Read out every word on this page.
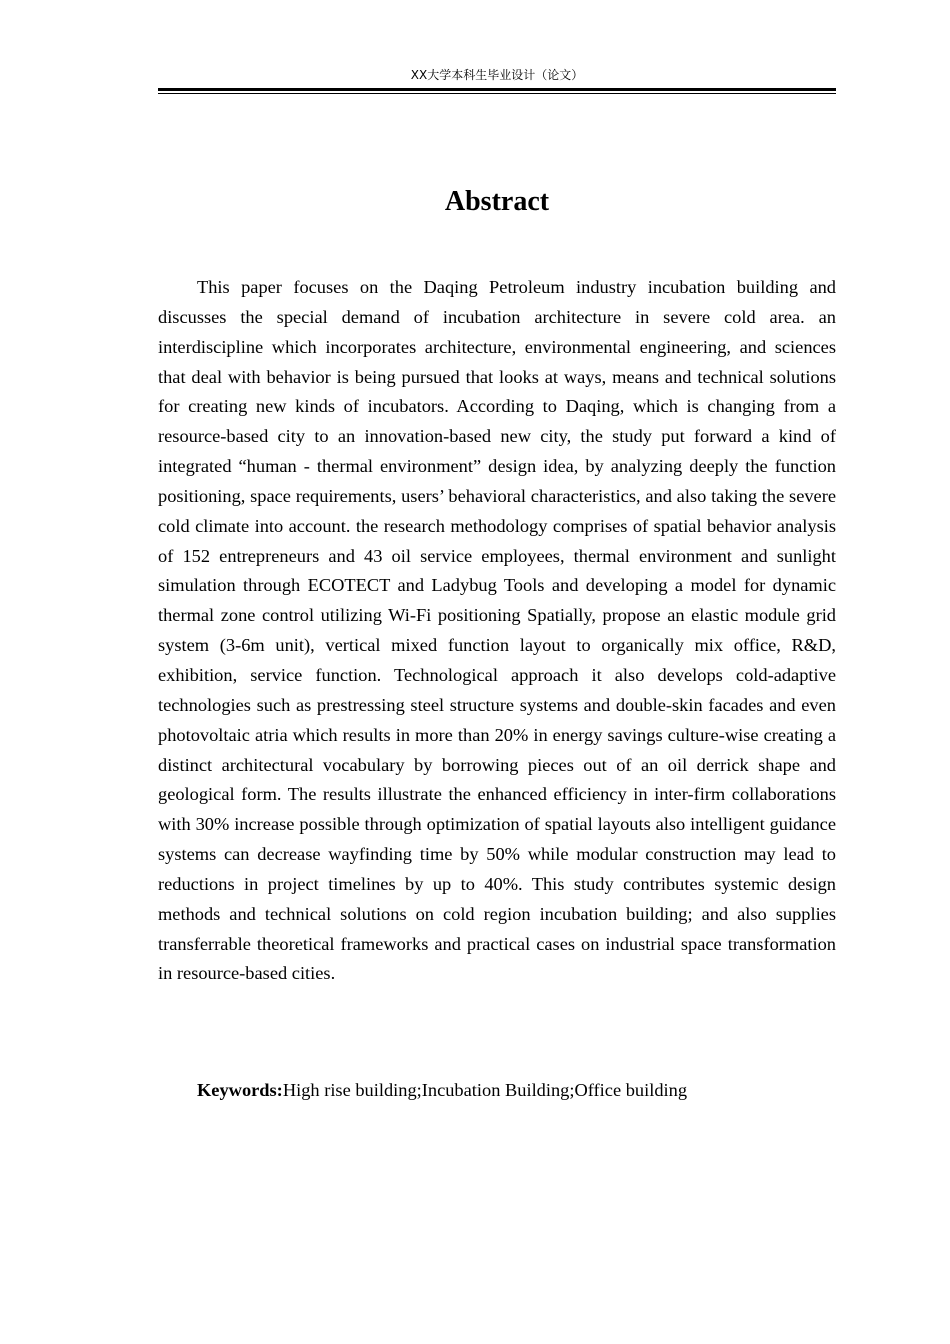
XX大学本科生毕业设计（论文）
Abstract

This paper focuses on the Daqing Petroleum industry incubation building and discusses the special demand of incubation architecture in severe cold area. an interdiscipline which incorporates architecture, environmental engineering, and sciences that deal with behavior is being pursued that looks at ways, means and technical solutions for creating new kinds of incubators. According to Daqing, which is changing from a resource-based city to an innovation-based new city, the study put forward a kind of integrated “human - thermal environment” design idea, by analyzing deeply the function positioning, space requirements, users’ behavioral characteristics, and also taking the severe cold climate into account. the research methodology comprises of spatial behavior analysis of 152 entrepreneurs and 43 oil service employees, thermal environment and sunlight simulation through ECOTECT and Ladybug Tools and developing a model for dynamic thermal zone control utilizing Wi-Fi positioning Spatially, propose an elastic module grid system (3-6m unit), vertical mixed function layout to organically mix office, R&D, exhibition, service function. Technological approach it also develops cold-adaptive technologies such as prestressing steel structure systems and double-skin facades and even photovoltaic atria which results in more than 20% in energy savings culture-wise creating a distinct architectural vocabulary by borrowing pieces out of an oil derrick shape and geological form. The results illustrate the enhanced efficiency in inter-firm collaborations with 30% increase possible through optimization of spatial layouts also intelligent guidance systems can decrease wayfinding time by 50% while modular construction may lead to reductions in project timelines by up to 40%. This study contributes systemic design methods and technical solutions on cold region incubation building; and also supplies transferrable theoretical frameworks and practical cases on industrial space transformation in resource-based cities.

Keywords:High rise building;Incubation Building;Office building
